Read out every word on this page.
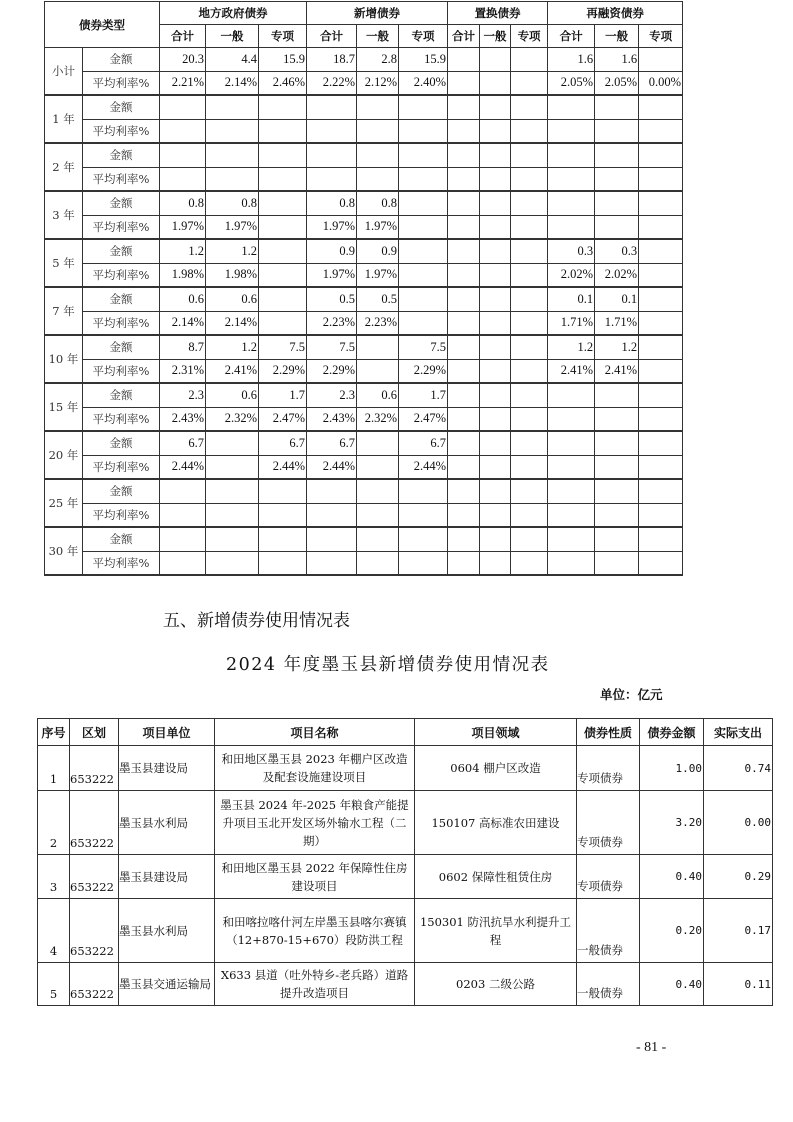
债券类型		地方政府债券			新增债券			置换债券			再融资债券		
		合计	一般	专项	合计	一般	专项	合计	一般	专项	合计	一般	专项
小计	金额	20.3	4.4	15.9	18.7	2.8	15.9				1.6	1.6	
	平均利率%	2.21%	2.14%	2.46%	2.22%	2.12%	2.40%				2.05%	2.05%	0.00%
1 年	金额												
	平均利率%												
2 年	金额												
	平均利率%												
3 年	金额	0.8	0.8		0.8	0.8							
	平均利率%	1.97%	1.97%		1.97%	1.97%							
5 年	金额	1.2	1.2		0.9	0.9					0.3	0.3	
	平均利率%	1.98%	1.98%		1.97%	1.97%					2.02%	2.02%	
7 年	金额	0.6	0.6		0.5	0.5					0.1	0.1	
	平均利率%	2.14%	2.14%		2.23%	2.23%					1.71%	1.71%	
10 年	金额	8.7	1.2	7.5	7.5		7.5				1.2	1.2	
	平均利率%	2.31%	2.41%	2.29%	2.29%		2.29%				2.41%	2.41%	
15 年	金额	2.3	0.6	1.7	2.3	0.6	1.7						
	平均利率%	2.43%	2.32%	2.47%	2.43%	2.32%	2.47%						
20 年	金额	6.7		6.7	6.7		6.7						
	平均利率%	2.44%		2.44%	2.44%		2.44%						
25 年	金额												
	平均利率%												
30 年	金额												
	平均利率%												
五、新增债券使用情况表
2024 年度墨玉县新增债券使用情况表
单位：亿元
序号	区划	项目单位	项目名称	项目领域	债券性质	债券金额	实际支出
1	653222	墨玉县建设局	和田地区墨玉县 2023 年棚户区改造及配套设施建设项目	0604 棚户区改造	专项债券	1.00	0.74
2	653222	墨玉县水利局	墨玉县 2024 年-2025 年粮食产能提升项目玉北开发区场外输水工程（二期）	150107 高标准农田建设	专项债券	3.20	0.00
3	653222	墨玉县建设局	和田地区墨玉县 2022 年保障性住房建设项目	0602 保障性租赁住房	专项债券	0.40	0.29
4	653222	墨玉县水利局	和田喀拉喀什河左岸墨玉县喀尔赛镇（12+870-15+670）段防洪工程	150301 防汛抗旱水利提升工程	一般债券	0.20	0.17
5	653222	墨玉县交通运输局	X633 县道（吐外特乡-老兵路）道路提升改造项目	0203 二级公路	一般债券	0.40	0.11
- 81 -
